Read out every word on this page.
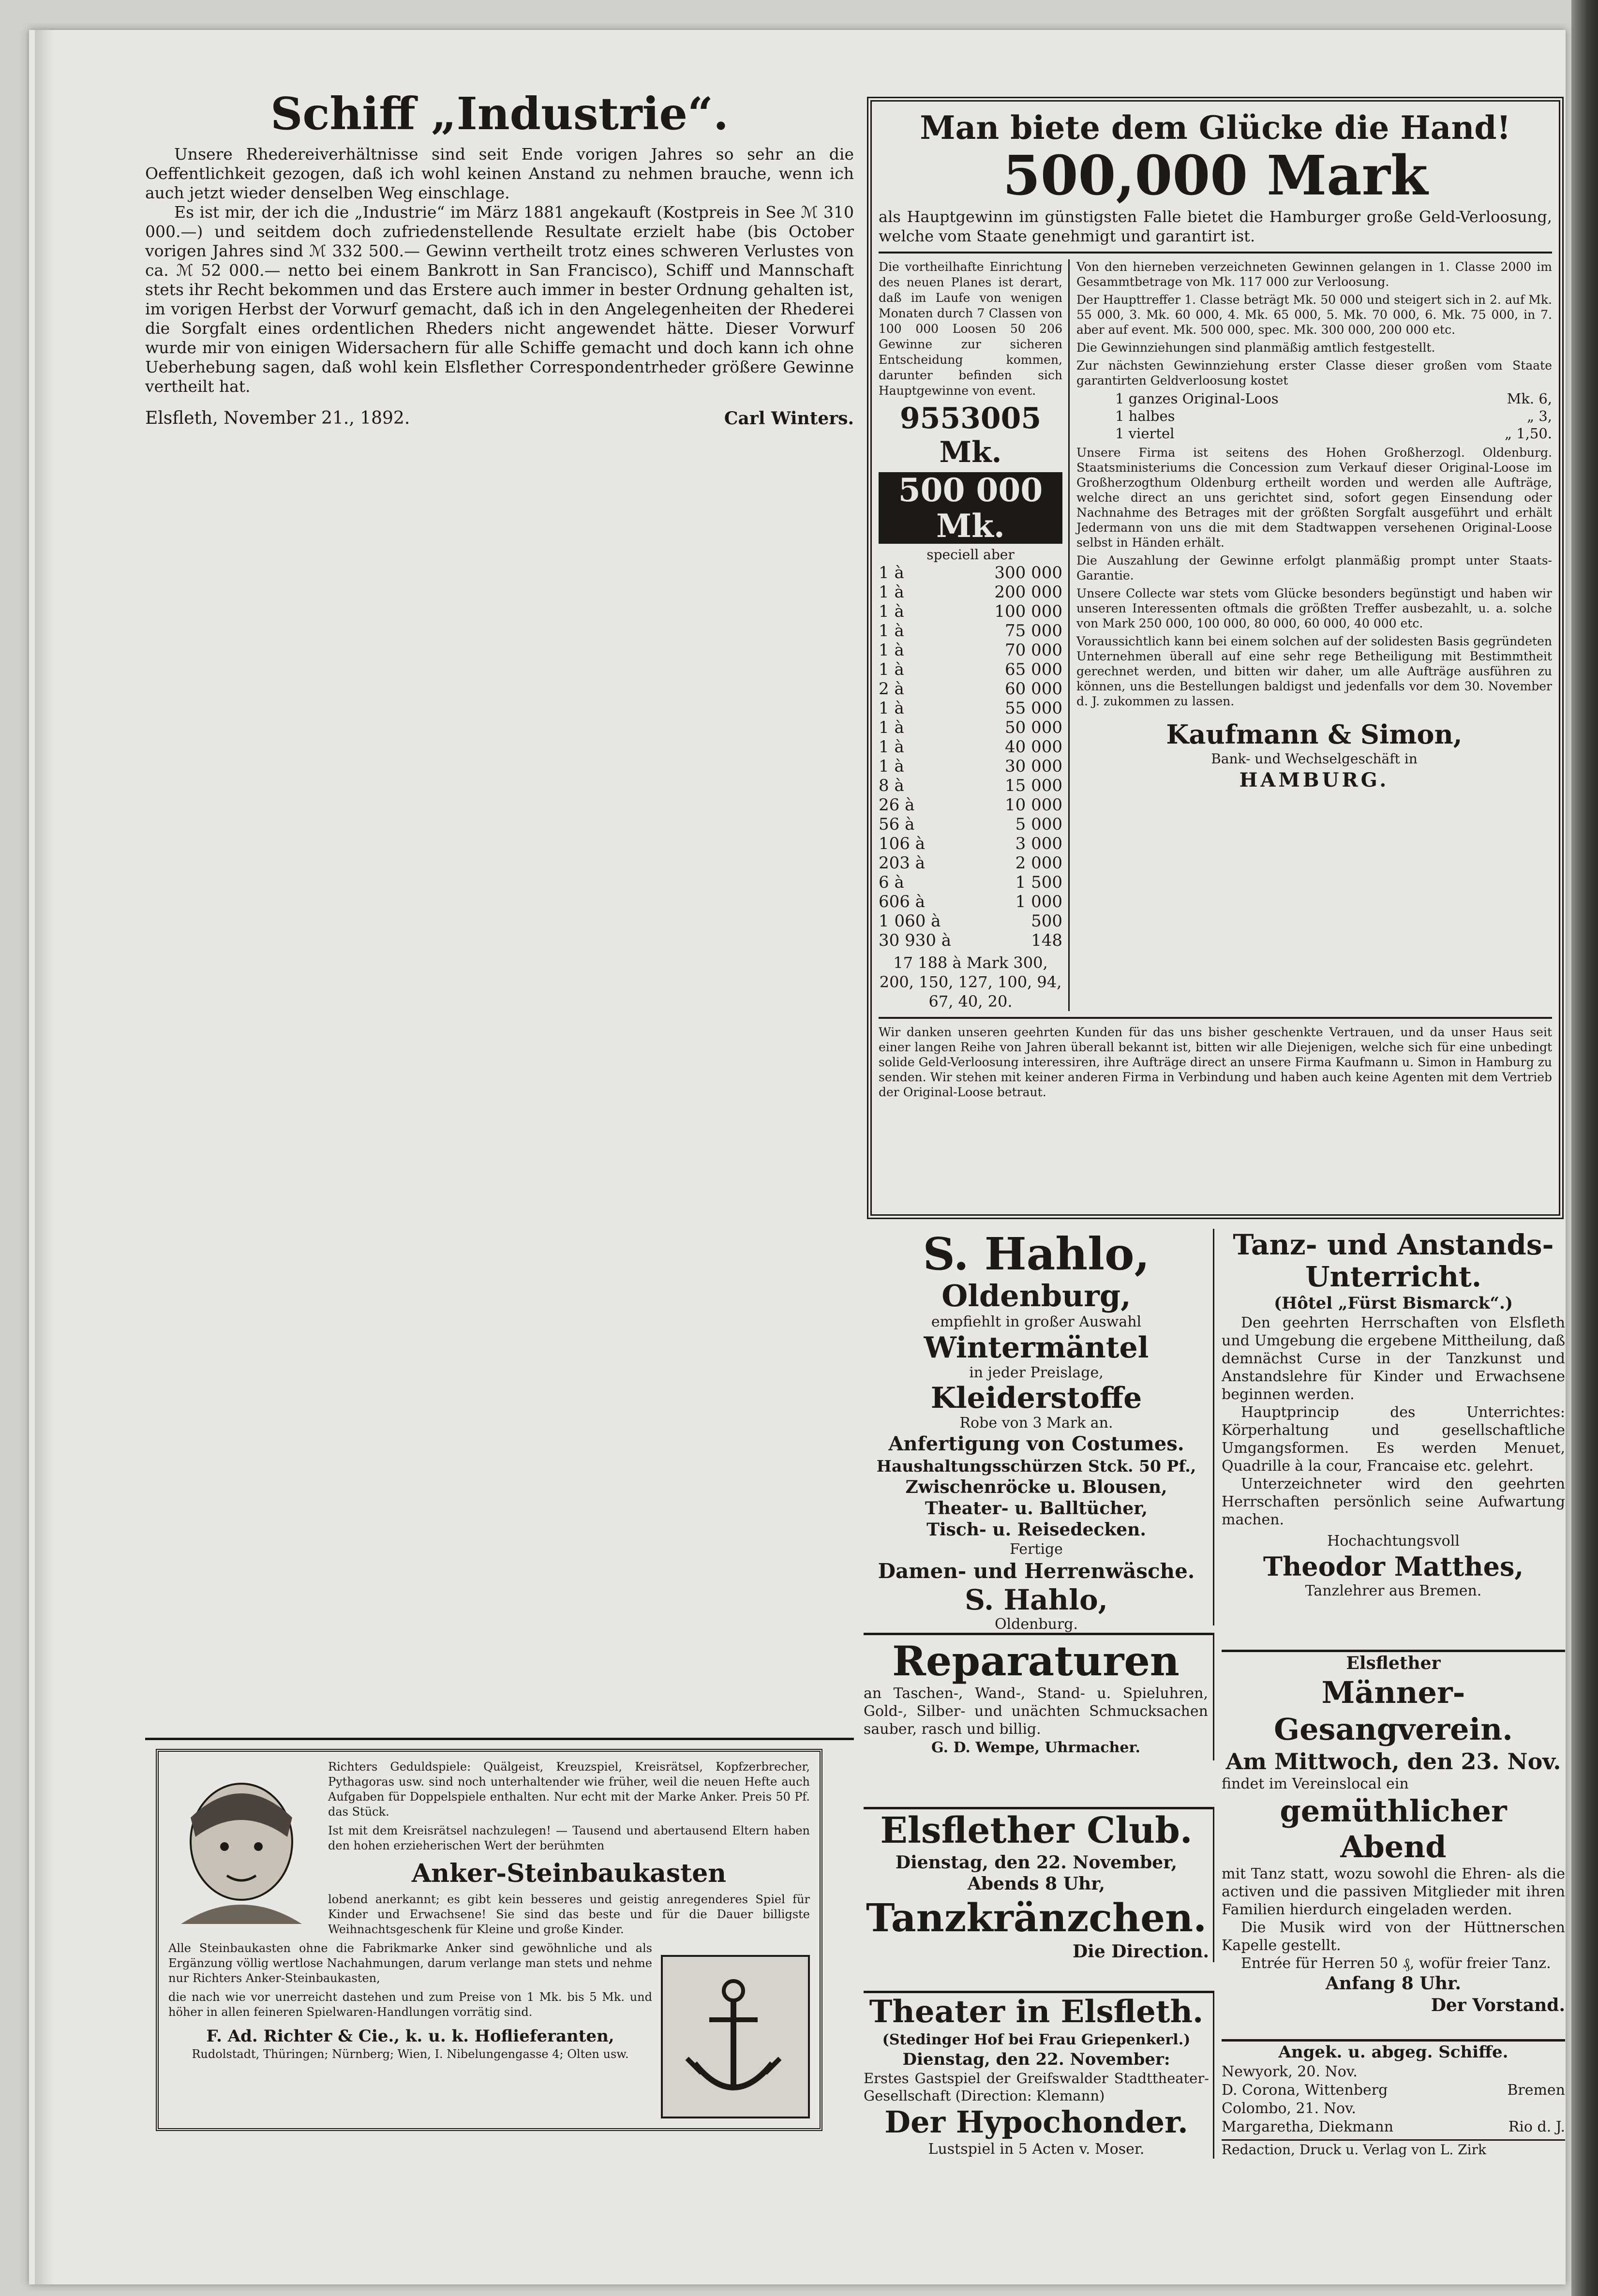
Schiff „Industrie“.

Unsere Rhedereiverhältnisse sind seit Ende vorigen Jahres so sehr an die Oeffentlichkeit gezogen, daß ich wohl keinen Anstand zu nehmen brauche, wenn ich auch jetzt wieder denselben Weg einschlage.

Es ist mir, der ich die „Industrie“ im März 1881 angekauft (Kostpreis in See ℳ 310 000.—) und seitdem doch zufriedenstellende Resultate erzielt habe (bis October vorigen Jahres sind ℳ 332 500.— Gewinn vertheilt trotz eines schweren Verlustes von ca. ℳ 52 000.— netto bei einem Bankrott in San Francisco), Schiff und Mannschaft stets ihr Recht bekommen und das Erstere auch immer in bester Ordnung gehalten ist, im vorigen Herbst der Vorwurf gemacht, daß ich in den Angelegenheiten der Rhederei die Sorgfalt eines ordentlichen Rheders nicht angewendet hätte. Dieser Vorwurf wurde mir von einigen Widersachern für alle Schiffe gemacht und doch kann ich ohne Ueberhebung sagen, daß wohl kein Elsflether Correspondentrheder größere Gewinne vertheilt hat.

Elsfleth, November 21., 1892.	Carl Winters.

Richters Geduldspiele: Quälgeist, Kreuzspiel, Kreisrätsel, Kopfzerbrecher, Pythagoras usw. sind noch unterhaltender wie früher, weil die neuen Hefte auch Aufgaben für Doppelspiele enthalten. Nur echt mit der Marke Anker. Preis 50 Pf. das Stück.

Ist mit dem Kreisrätsel nachzulegen! — Tausend und abertausend Eltern haben den hohen erzieherischen Wert der berühmten

Anker-Steinbaukasten

lobend anerkannt; es gibt kein besseres und geistig anregenderes Spiel für Kinder und Erwachsene! Sie sind das beste und für die Dauer billigste Weihnachtsgeschenk für Kleine und große Kinder.

Alle Steinbaukasten ohne die Fabrikmarke Anker sind gewöhnliche und als Ergänzung völlig wertlose Nachahmungen, darum verlange man stets und nehme nur Richters Anker-Steinbaukasten,

die nach wie vor unerreicht dastehen und zum Preise von 1 Mk. bis 5 Mk. und höher in allen feineren Spielwaren-Handlungen vorrätig sind.

F. Ad. Richter & Cie., k. u. k. Hoflieferanten,
Rudolstadt, Thüringen; Nürnberg; Wien, I. Nibelungengasse 4; Olten usw.
Man biete dem Glücke die Hand!
500,000 Mark

als Hauptgewinn im günstigsten Falle bietet die Hamburger große Geld-Verloosung, welche vom Staate genehmigt und garantirt ist.

Die vortheilhafte Einrichtung des neuen Planes ist derart, daß im Laufe von wenigen Monaten durch 7 Classen von 100 000 Loosen 50 206 Gewinne zur sicheren Entscheidung kommen, darunter befinden sich Hauptgewinne von event.

9553005 Mk.
500 000 Mk.
speciell aber
1 à	300 000
1 à	200 000
1 à	100 000
1 à	75 000
1 à	70 000
1 à	65 000
2 à	60 000
1 à	55 000
1 à	50 000
1 à	40 000
1 à	30 000
8 à	15 000
26 à	10 000
56 à	5 000
106 à	3 000
203 à	2 000
6 à	1 500
606 à	1 000
1 060 à	500
30 930 à	148
17 188 à Mark 300, 200, 150, 127, 100, 94, 67, 40, 20.

Von den hierneben verzeichneten Gewinnen gelangen in 1. Classe 2000 im Gesammtbetrage von Mk. 117 000 zur Verloosung.

Der Haupttreffer 1. Classe beträgt Mk. 50 000 und steigert sich in 2. auf Mk. 55 000, 3. Mk. 60 000, 4. Mk. 65 000, 5. Mk. 70 000, 6. Mk. 75 000, in 7. aber auf event. Mk. 500 000, spec. Mk. 300 000, 200 000 etc.

Die Gewinnziehungen sind planmäßig amtlich festgestellt.

Zur nächsten Gewinnziehung erster Classe dieser großen vom Staate garantirten Geldverloosung kostet

1 ganzes Original-Loos	Mk. 6,
1 halbes	„ 3,
1 viertel	„ 1,50.

Unsere Firma ist seitens des Hohen Großherzogl. Oldenburg. Staatsministeriums die Concession zum Verkauf dieser Original-Loose im Großherzogthum Oldenburg ertheilt worden und werden alle Aufträge, welche direct an uns gerichtet sind, sofort gegen Einsendung oder Nachnahme des Betrages mit der größten Sorgfalt ausgeführt und erhält Jedermann von uns die mit dem Stadtwappen versehenen Original-Loose selbst in Händen erhält.

Die Auszahlung der Gewinne erfolgt planmäßig prompt unter Staats-Garantie.

Unsere Collecte war stets vom Glücke besonders begünstigt und haben wir unseren Interessenten oftmals die größten Treffer ausbezahlt, u. a. solche von Mark 250 000, 100 000, 80 000, 60 000, 40 000 etc.

Voraussichtlich kann bei einem solchen auf der solidesten Basis gegründeten Unternehmen überall auf eine sehr rege Betheiligung mit Bestimmtheit gerechnet werden, und bitten wir daher, um alle Aufträge ausführen zu können, uns die Bestellungen baldigst und jedenfalls vor dem 30. November d. J. zukommen zu lassen.

Kaufmann & Simon,
Bank- und Wechselgeschäft in
HAMBURG.

Wir danken unseren geehrten Kunden für das uns bisher geschenkte Vertrauen, und da unser Haus seit einer langen Reihe von Jahren überall bekannt ist, bitten wir alle Diejenigen, welche sich für eine unbedingt solide Geld-Verloosung interessiren, ihre Aufträge direct an unsere Firma Kaufmann u. Simon in Hamburg zu senden. Wir stehen mit keiner anderen Firma in Verbindung und haben auch keine Agenten mit dem Vertrieb der Original-Loose betraut.

S. Hahlo,
Oldenburg,
empfiehlt in großer Auswahl
Wintermäntel
in jeder Preislage,
Kleiderstoffe
Robe von 3 Mark an.
Anfertigung von Costumes.
Haushaltungsschürzen Stck. 50 Pf.,
Zwischenröcke u. Blousen,
Theater- u. Balltücher,
Tisch- u. Reisedecken.
Fertige
Damen- und Herrenwäsche.
S. Hahlo,
Oldenburg.
Reparaturen

an Taschen-, Wand-, Stand- u. Spieluhren, Gold-, Silber- und unächten Schmucksachen sauber, rasch und billig.

G. D. Wempe, Uhrmacher.
Elsflether Club.
Dienstag, den 22. November,
Abends 8 Uhr,
Tanzkränzchen.
Die Direction.
Theater in Elsfleth.
(Stedinger Hof bei Frau Griepenkerl.)
Dienstag, den 22. November:

Erstes Gastspiel der Greifswalder Stadttheater-Gesellschaft (Direction: Klemann)

Der Hypochonder.
Lustspiel in 5 Acten v. Moser.
Tanz- und Anstands-Unterricht.
(Hôtel „Fürst Bismarck“.)

Den geehrten Herrschaften von Elsfleth und Umgebung die ergebene Mittheilung, daß demnächst Curse in der Tanzkunst und Anstandslehre für Kinder und Erwachsene beginnen werden.

Hauptprincip des Unterrichtes: Körperhaltung und gesellschaftliche Umgangsformen. Es werden Menuet, Quadrille à la cour, Francaise etc. gelehrt.

Unterzeichneter wird den geehrten Herrschaften persönlich seine Aufwartung machen.

Hochachtungsvoll
Theodor Matthes,
Tanzlehrer aus Bremen.
Elsflether
Männer-Gesangverein.
Am Mittwoch, den 23. Nov.
findet im Vereinslocal ein
gemüthlicher Abend

mit Tanz statt, wozu sowohl die Ehren- als die activen und die passiven Mitglieder mit ihren Familien hierdurch eingeladen werden.

Die Musik wird von der Hüttnerschen Kapelle gestellt.

Entrée für Herren 50 ₰, wofür freier Tanz.

Anfang 8 Uhr.
Der Vorstand.
Angek. u. abgeg. Schiffe.
Newyork, 20. Nov.
D. Corona, Wittenberg	Bremen
Colombo, 21. Nov.
Margaretha, Diekmann	Rio d. J.
Redaction, Druck u. Verlag von L. Zirk
